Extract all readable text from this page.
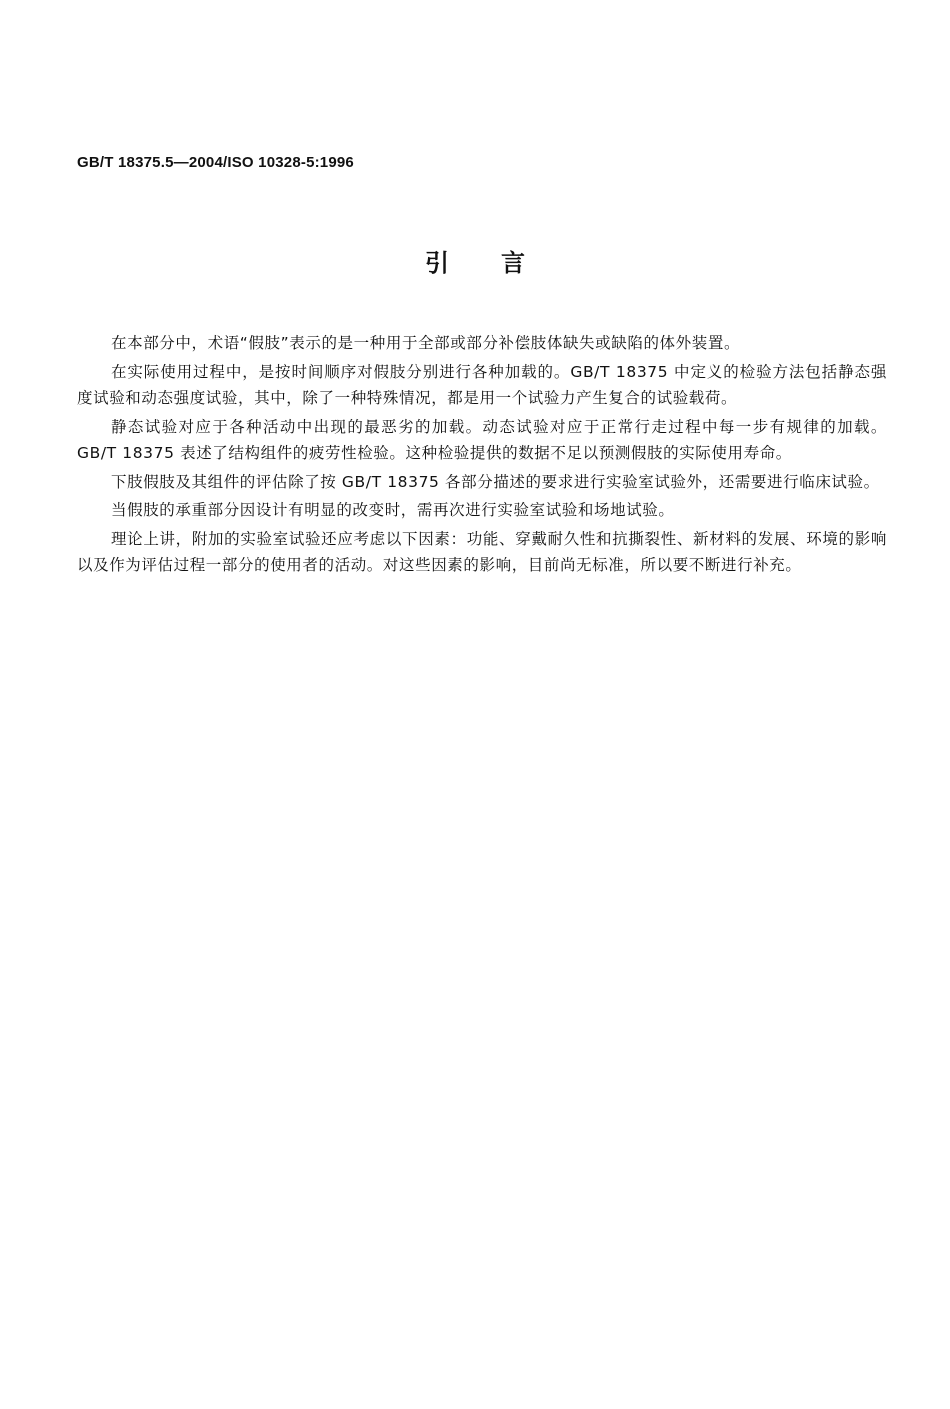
GB/T 18375.5—2004/ISO 10328-5:1996
引言

在本部分中，术语“假肢”表示的是一种用于全部或部分补偿肢体缺失或缺陷的体外装置。

在实际使用过程中，是按时间顺序对假肢分别进行各种加载的。GB/T 18375 中定义的检验方法包括静态强度试验和动态强度试验，其中，除了一种特殊情况，都是用一个试验力产生复合的试验载荷。

静态试验对应于各种活动中出现的最恶劣的加载。动态试验对应于正常行走过程中每一步有规律的加载。GB/T 18375 表述了结构组件的疲劳性检验。这种检验提供的数据不足以预测假肢的实际使用寿命。

下肢假肢及其组件的评估除了按 GB/T 18375 各部分描述的要求进行实验室试验外，还需要进行临床试验。

当假肢的承重部分因设计有明显的改变时，需再次进行实验室试验和场地试验。

理论上讲，附加的实验室试验还应考虑以下因素：功能、穿戴耐久性和抗撕裂性、新材料的发展、环境的影响以及作为评估过程一部分的使用者的活动。对这些因素的影响，目前尚无标准，所以要不断进行补充。
